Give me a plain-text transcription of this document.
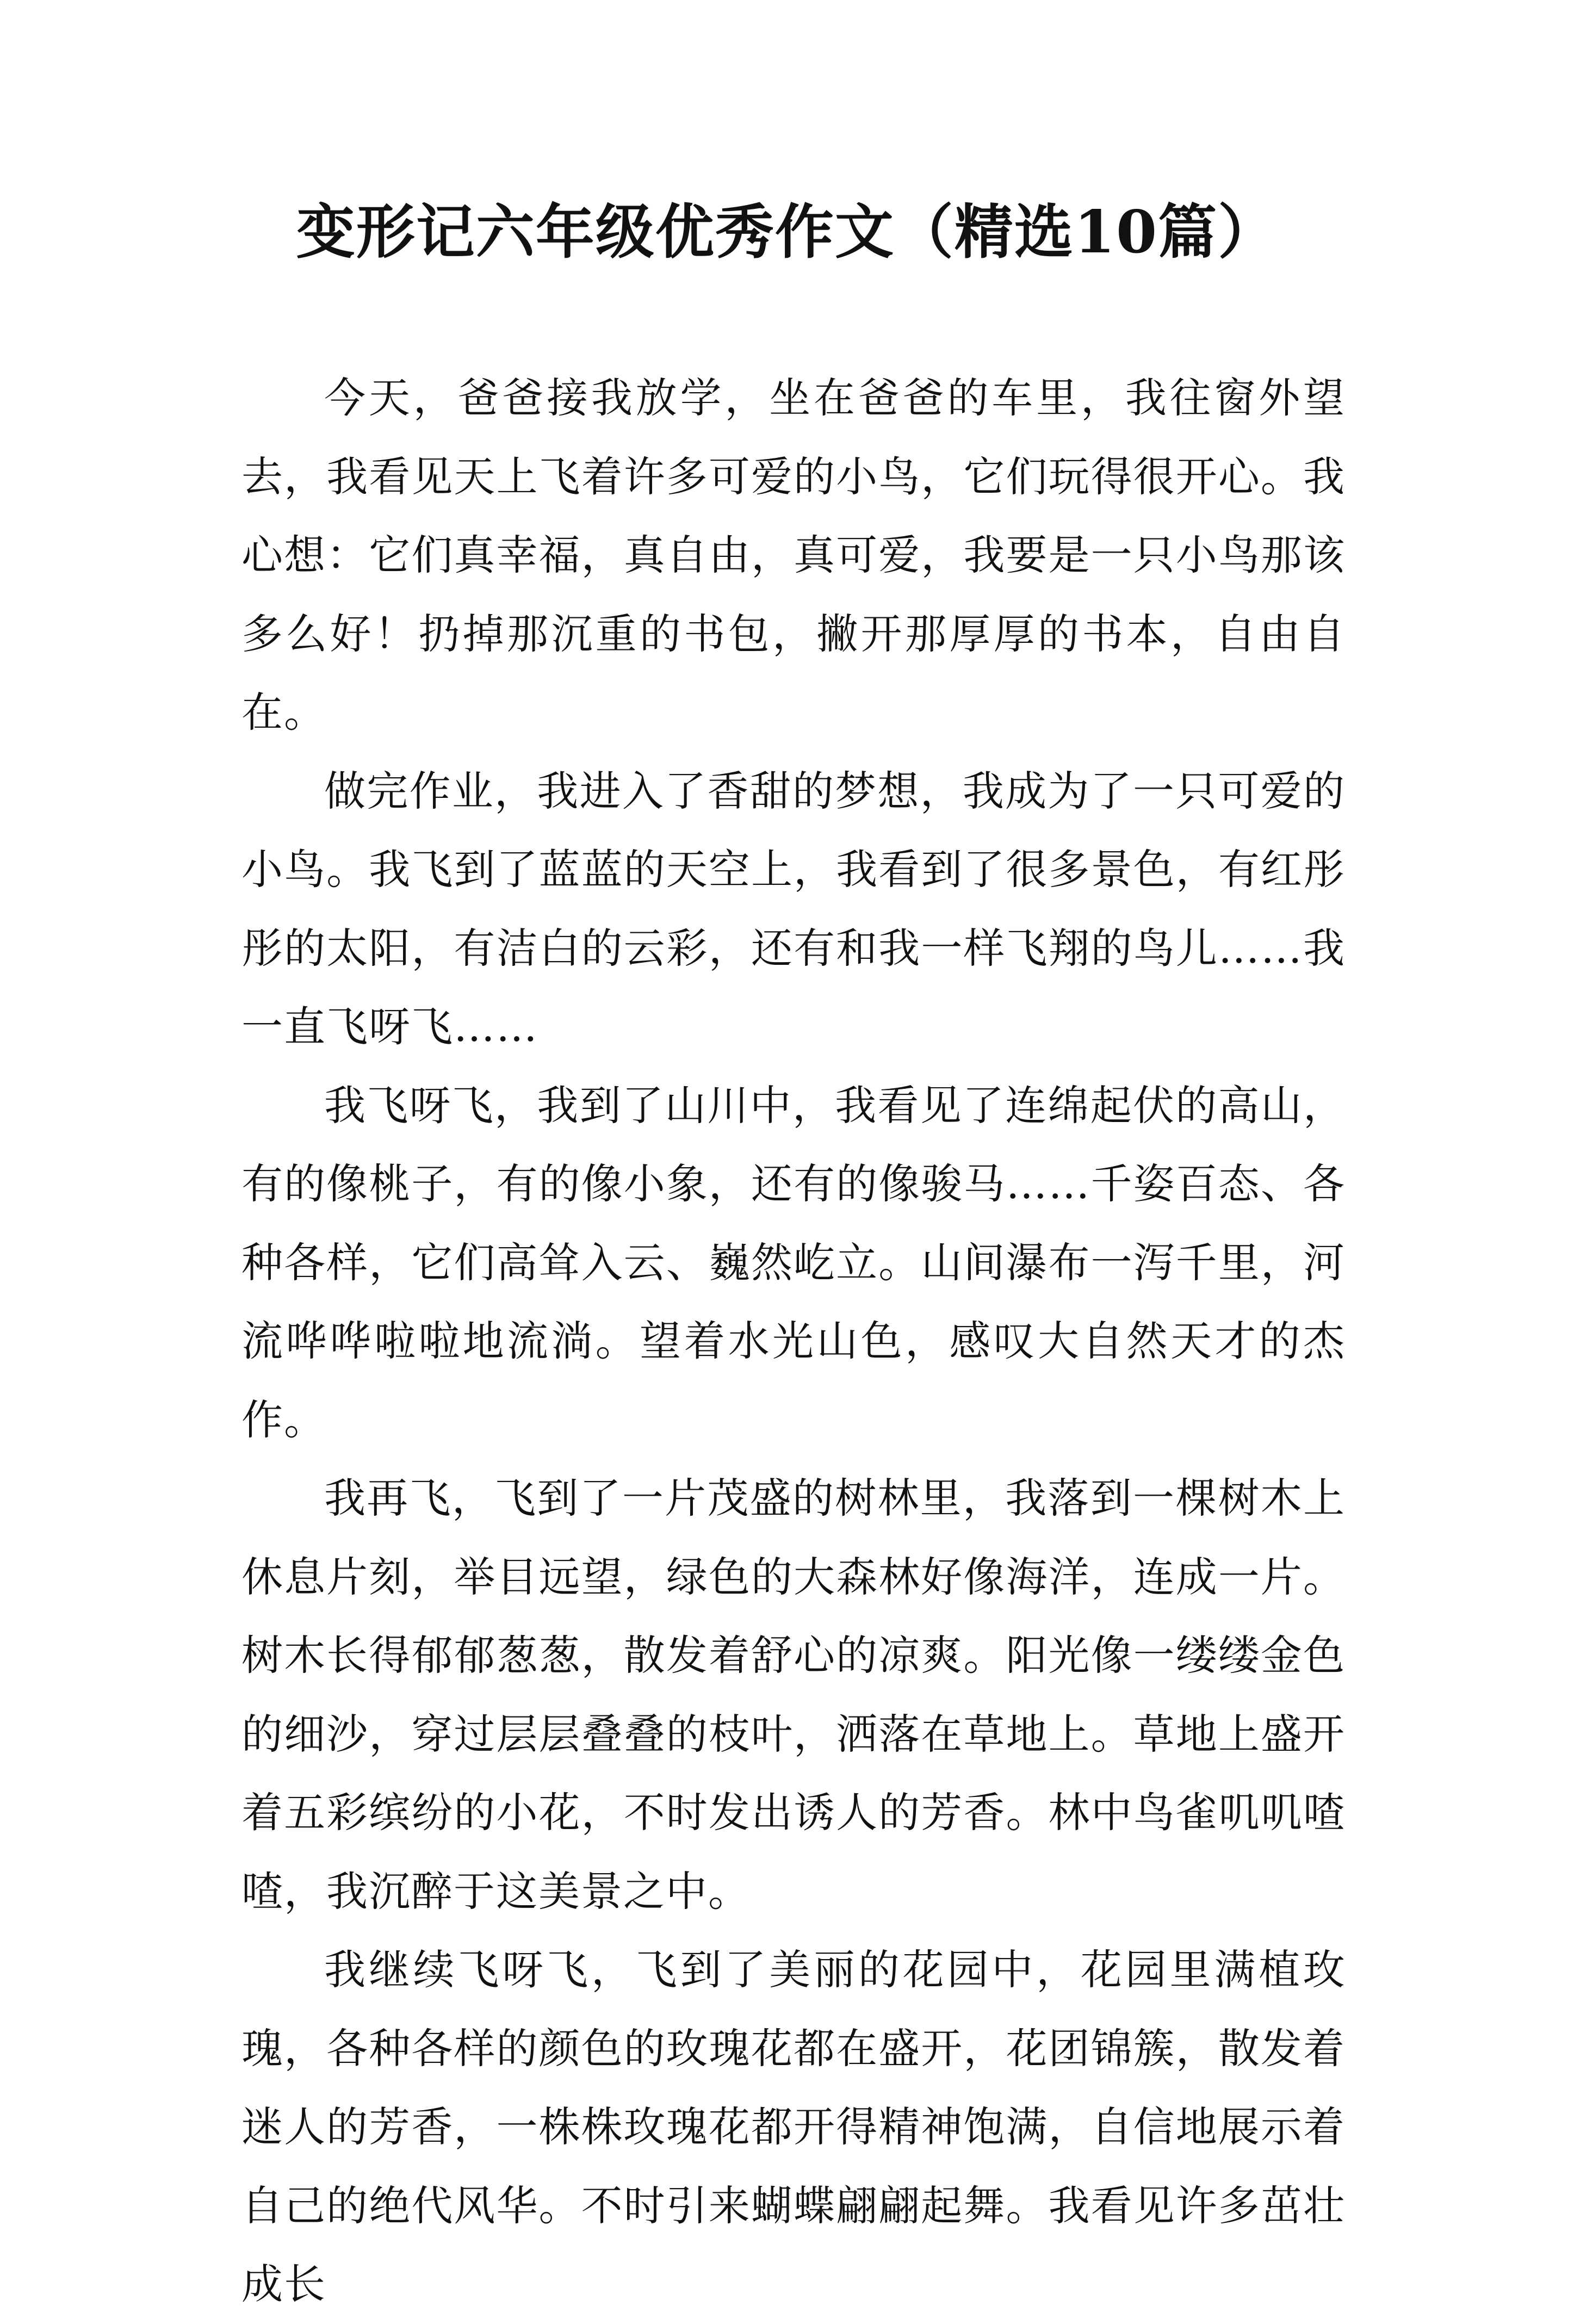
变形记六年级优秀作文（精选10篇）

今天，爸爸接我放学，坐在爸爸的车里，我往窗外望去，我看见天上飞着许多可爱的小鸟，它们玩得很开心。我心想：它们真幸福，真自由，真可爱，我要是一只小鸟那该多么好！扔掉那沉重的书包，撇开那厚厚的书本，自由自在。

做完作业，我进入了香甜的梦想，我成为了一只可爱的小鸟。我飞到了蓝蓝的天空上，我看到了很多景色，有红彤彤的太阳，有洁白的云彩，还有和我一样飞翔的鸟儿……我一直飞呀飞……

我飞呀飞，我到了山川中，我看见了连绵起伏的高山，有的像桃子，有的像小象，还有的像骏马……千姿百态、各种各样，它们高耸入云、巍然屹立。山间瀑布一泻千里，河流哗哗啦啦地流淌。望着水光山色，感叹大自然天才的杰作。

我再飞，飞到了一片茂盛的树林里，我落到一棵树木上休息片刻，举目远望，绿色的大森林好像海洋，连成一片。树木长得郁郁葱葱，散发着舒心的凉爽。阳光像一缕缕金色的细沙，穿过层层叠叠的枝叶，洒落在草地上。草地上盛开着五彩缤纷的小花，不时发出诱人的芳香。林中鸟雀叽叽喳喳，我沉醉于这美景之中。

我继续飞呀飞，飞到了美丽的花园中，花园里满植玫瑰，各种各样的颜色的玫瑰花都在盛开，花团锦簇，散发着迷人的芳香，一株株玫瑰花都开得精神饱满，自信地展示着自己的绝代风华。不时引来蝴蝶翩翩起舞。我看见许多茁壮成长
